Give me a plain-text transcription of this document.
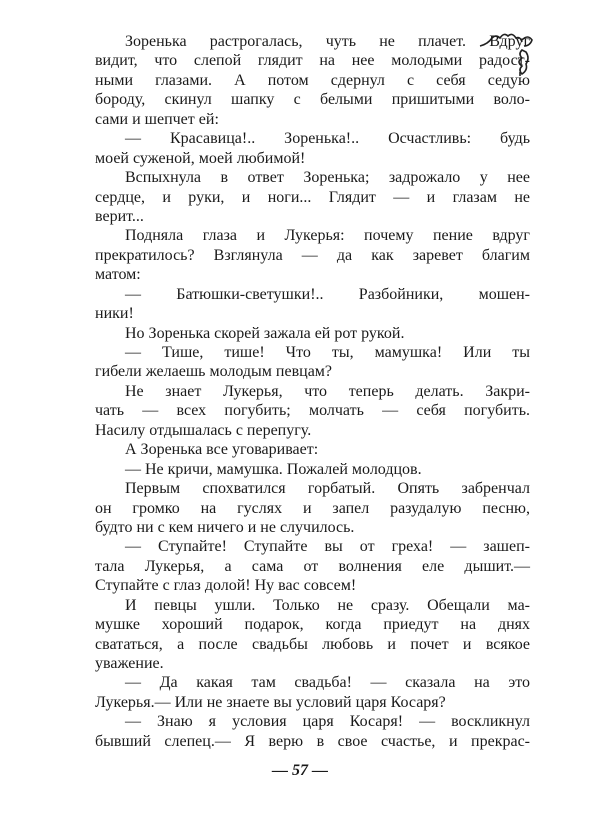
Зоренька растрогалась, чуть не плачет. Вдруг
видит, что слепой глядит на нее молодыми радост-
ными глазами. А потом сдернул с себя седую
бороду, скинул шапку с белыми пришитыми воло-
сами и шепчет ей:
— Красавица!.. Зоренька!.. Осчастливь: будь
моей суженой, моей любимой!
Вспыхнула в ответ Зоренька; задрожало у нее
сердце, и руки, и ноги... Глядит — и глазам не
верит...
Подняла глаза и Лукерья: почему пение вдруг
прекратилось? Взглянула — да как заревет благим
матом:
— Батюшки-светушки!.. Разбойники, мошен-
ники!
Но Зоренька скорей зажала ей рот рукой.
— Тише, тише! Что ты, мамушка! Или ты
гибели желаешь молодым певцам?
Не знает Лукерья, что теперь делать. Закри-
чать — всех погубить; молчать — себя погубить.
Насилу отдышалась с перепугу.
А Зоренька все уговаривает:
— Не кричи, мамушка. Пожалей молодцов.
Первым спохватился горбатый. Опять забренчал
он громко на гуслях и запел разудалую песню,
будто ни с кем ничего и не случилось.
— Ступайте! Ступайте вы от греха! — зашеп-
тала Лукерья, а сама от волнения еле дышит.—
Ступайте с глаз долой! Ну вас совсем!
И певцы ушли. Только не сразу. Обещали ма-
мушке хороший подарок, когда приедут на днях
свататься, а после свадьбы любовь и почет и всякое
уважение.
— Да какая там свадьба! — сказала на это
Лукерья.— Или не знаете вы условий царя Косаря?
— Знаю я условия царя Косаря! — воскликнул
бывший слепец.— Я верю в свое счастье, и прекрас-
— 57 —
